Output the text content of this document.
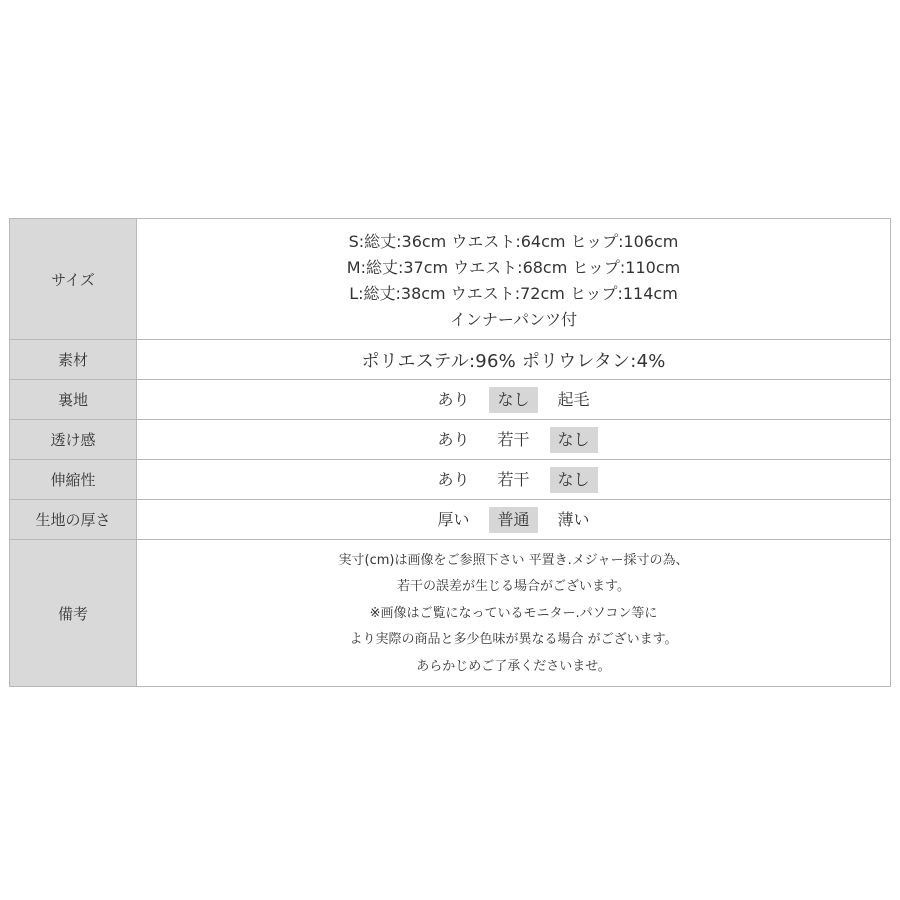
サイズ	S:総丈:36cm ウエスト:64cm ヒップ:106cm
M:総丈:37cm ウエスト:68cm ヒップ:110cm
L:総丈:38cm ウエスト:72cm ヒップ:114cm
インナーパンツ付

素材	ポリエステル:96% ポリウレタン:4%
裏地	あり なし 起毛
透け感	あり 若干 なし
伸縮性	あり 若干 なし
生地の厚さ	厚い 普通 薄い
備考	実寸(cm)は画像をご参照下さい 平置き.メジャー採寸の為、
若干の誤差が生じる場合がございます。
※画像はご覧になっているモニター.パソコン等に
より実際の商品と多少色味が異なる場合 がございます。
あらかじめご了承くださいませ。
